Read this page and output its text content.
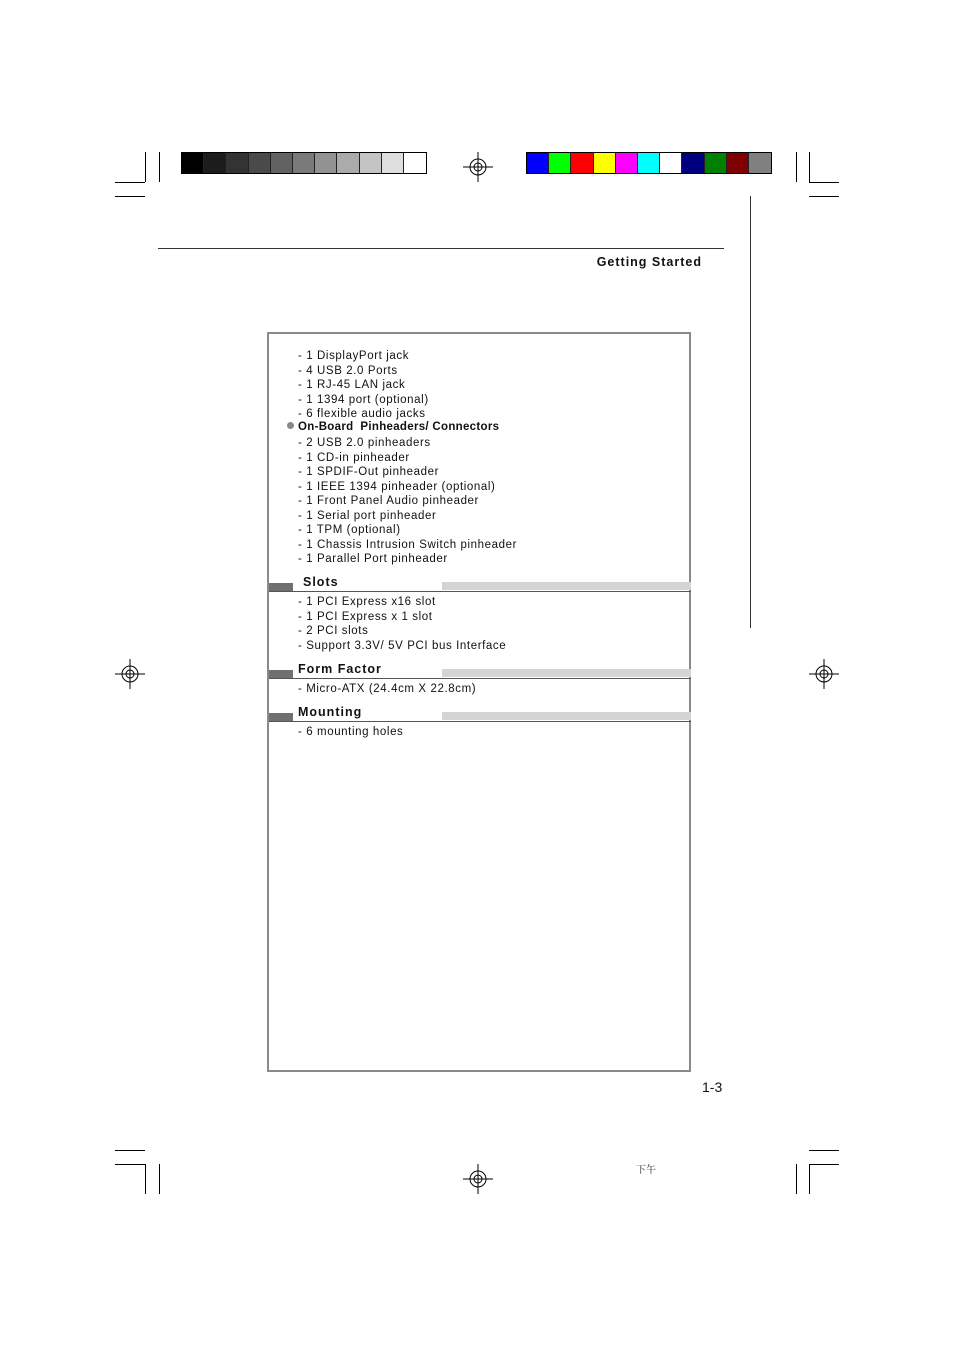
Getting Started
- 1 DisplayPort jack
- 4 USB 2.0 Ports
- 1 RJ-45 LAN jack
- 1 1394 port (optional)
- 6 flexible audio jacks
On-Board  Pinheaders/ Connectors
- 2 USB 2.0 pinheaders
- 1 CD-in pinheader
- 1 SPDIF-Out pinheader
- 1 IEEE 1394 pinheader (optional)
- 1 Front Panel Audio pinheader
- 1 Serial port pinheader
- 1 TPM (optional)
- 1 Chassis Intrusion Switch pinheader
- 1 Parallel Port pinheader
Slots
- 1 PCI Express x16 slot
- 1 PCI Express x 1 slot
- 2 PCI slots
- Support 3.3V/ 5V PCI bus Interface
Form Factor
- Micro-ATX (24.4cm X 22.8cm)
Mounting
- 6 mounting holes
1-3
下午
